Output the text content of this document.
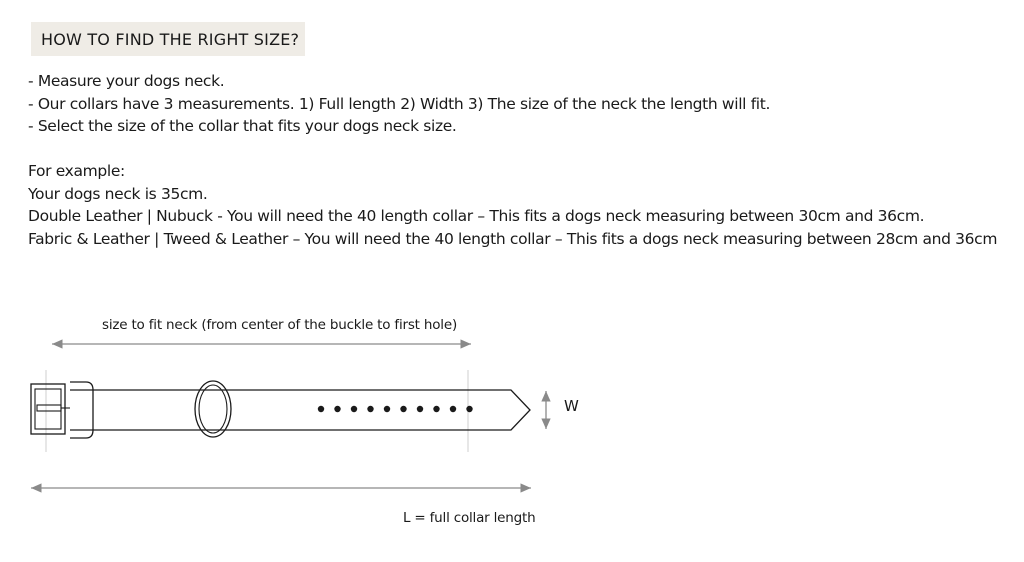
HOW TO FIND THE RIGHT SIZE?
- Measure your dogs neck.
- Our collars have 3 measurements. 1) Full length 2) Width 3) The size of the neck the length will fit.
- Select the size of the collar that fits your dogs neck size.
For example:
Your dogs neck is 35cm.
Double Leather | Nubuck - You will need the 40 length collar – This fits a dogs neck measuring between 30cm and 36cm.
Fabric & Leather | Tweed & Leather – You will need the 40 length collar – This fits a dogs neck measuring between 28cm and 36cm
size to fit neck (from center of the buckle to first hole)
W
L = full collar length
